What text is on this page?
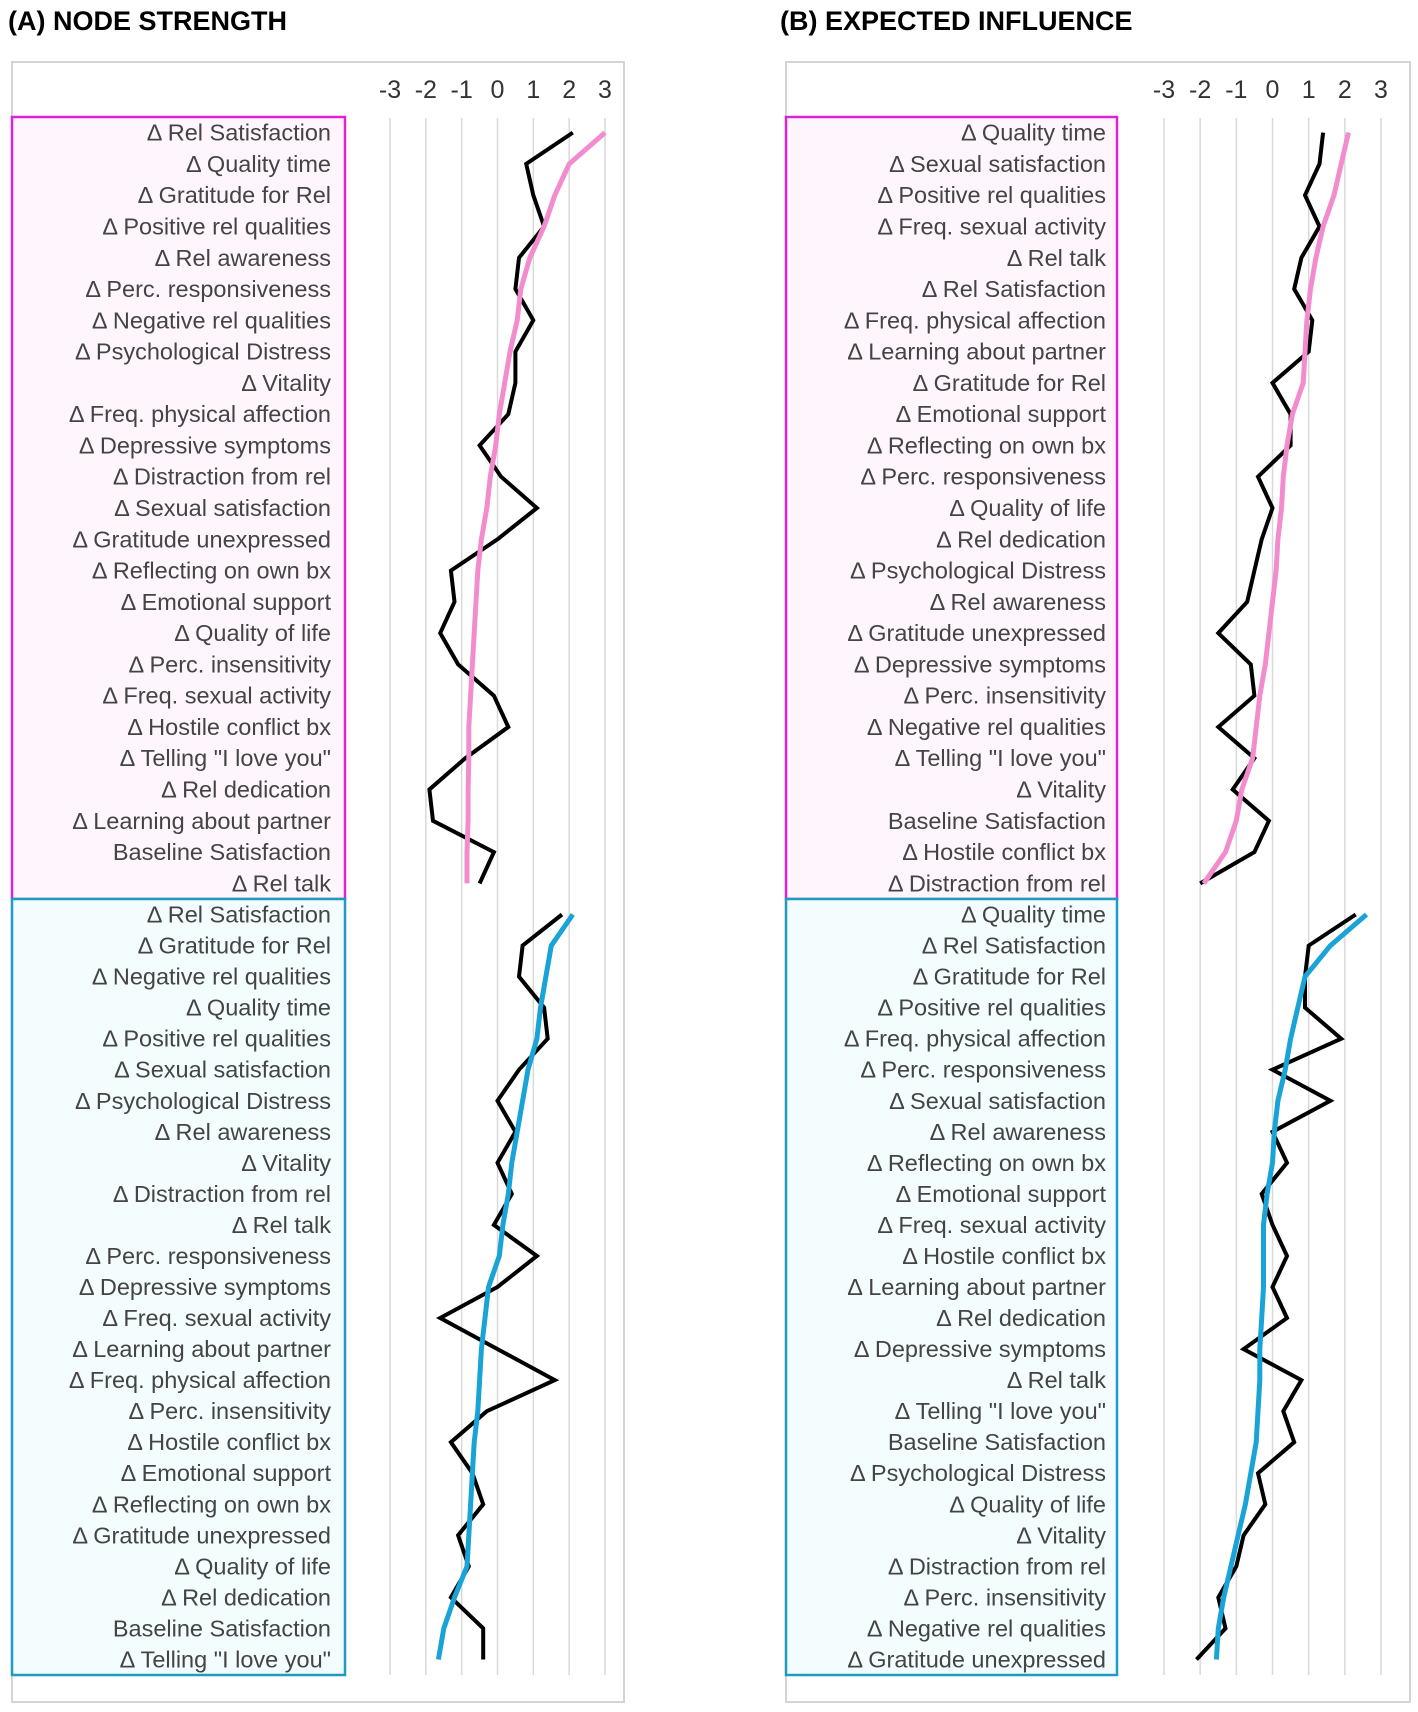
(A) NODE STRENGTH
-3 -2 -1 0 1 2 3
Δ Rel Satisfaction
Δ Quality time
Δ Gratitude for Rel
Δ Positive rel qualities
Δ Rel awareness
Δ Perc. responsiveness
Δ Negative rel qualities
Δ Psychological Distress
Δ Vitality
Δ Freq. physical affection
Δ Depressive symptoms
Δ Distraction from rel
Δ Sexual satisfaction
Δ Gratitude unexpressed
Δ Reflecting on own bx
Δ Emotional support
Δ Quality of life
Δ Perc. insensitivity
Δ Freq. sexual activity
Δ Hostile conflict bx
Δ Telling "I love you"
Δ Rel dedication
Δ Learning about partner
Baseline Satisfaction
Δ Rel talk
Δ Rel Satisfaction
Δ Gratitude for Rel
Δ Negative rel qualities
Δ Quality time
Δ Positive rel qualities
Δ Sexual satisfaction
Δ Psychological Distress
Δ Rel awareness
Δ Vitality
Δ Distraction from rel
Δ Rel talk
Δ Perc. responsiveness
Δ Depressive symptoms
Δ Freq. sexual activity
Δ Learning about partner
Δ Freq. physical affection
Δ Perc. insensitivity
Δ Hostile conflict bx
Δ Emotional support
Δ Reflecting on own bx
Δ Gratitude unexpressed
Δ Quality of life
Δ Rel dedication
Baseline Satisfaction
Δ Telling "I love you"
(B) EXPECTED INFLUENCE
-3 -2 -1 0 1 2 3
Δ Quality time
Δ Sexual satisfaction
Δ Positive rel qualities
Δ Freq. sexual activity
Δ Rel talk
Δ Rel Satisfaction
Δ Freq. physical affection
Δ Learning about partner
Δ Gratitude for Rel
Δ Emotional support
Δ Reflecting on own bx
Δ Perc. responsiveness
Δ Quality of life
Δ Rel dedication
Δ Psychological Distress
Δ Rel awareness
Δ Gratitude unexpressed
Δ Depressive symptoms
Δ Perc. insensitivity
Δ Negative rel qualities
Δ Telling "I love you"
Δ Vitality
Baseline Satisfaction
Δ Hostile conflict bx
Δ Distraction from rel
Δ Quality time
Δ Rel Satisfaction
Δ Gratitude for Rel
Δ Positive rel qualities
Δ Freq. physical affection
Δ Perc. responsiveness
Δ Sexual satisfaction
Δ Rel awareness
Δ Reflecting on own bx
Δ Emotional support
Δ Freq. sexual activity
Δ Hostile conflict bx
Δ Learning about partner
Δ Rel dedication
Δ Depressive symptoms
Δ Rel talk
Δ Telling "I love you"
Baseline Satisfaction
Δ Psychological Distress
Δ Quality of life
Δ Vitality
Δ Distraction from rel
Δ Perc. insensitivity
Δ Negative rel qualities
Δ Gratitude unexpressed
